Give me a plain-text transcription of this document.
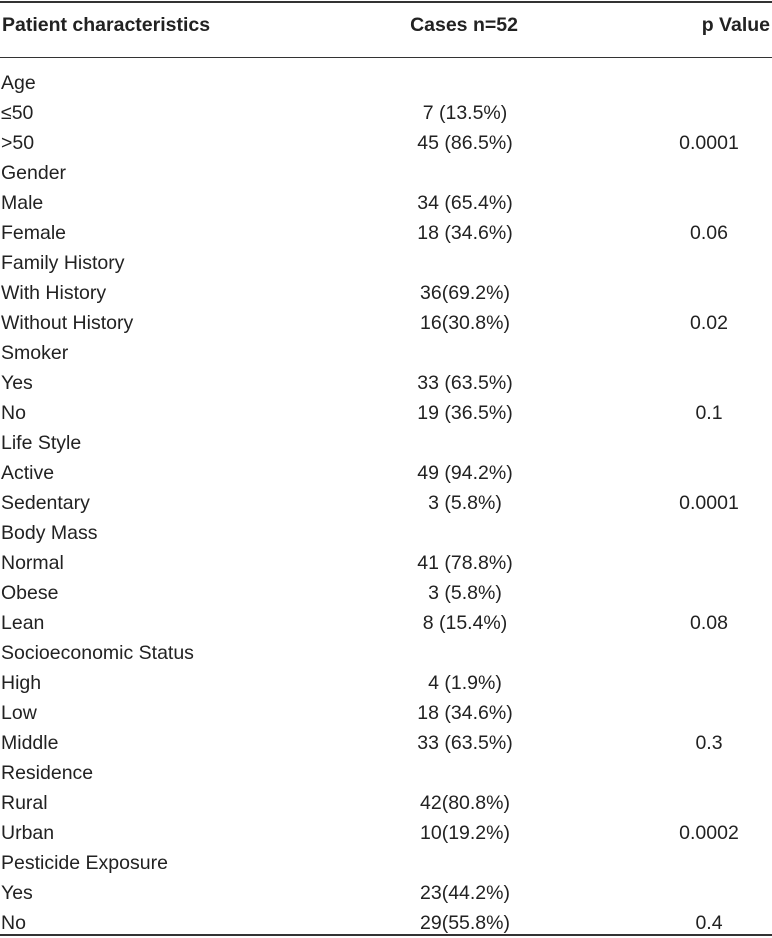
Patient characteristics	Cases n=52	p Value
Age
≤50	7 (13.5%)
>50	45 (86.5%)	0.0001
Gender
Male	34 (65.4%)
Female	18 (34.6%)	0.06
Family History
With History	36(69.2%)
Without History	16(30.8%)	0.02
Smoker
Yes	33 (63.5%)
No	19 (36.5%)	0.1
Life Style
Active	49 (94.2%)
Sedentary	3 (5.8%)	0.0001
Body Mass
Normal	41 (78.8%)
Obese	3 (5.8%)
Lean	8 (15.4%)	0.08
Socioeconomic Status
High	4 (1.9%)
Low	18 (34.6%)
Middle	33 (63.5%)	0.3
Residence
Rural	42(80.8%)
Urban	10(19.2%)	0.0002
Pesticide Exposure
Yes	23(44.2%)
No	29(55.8%)	0.4
